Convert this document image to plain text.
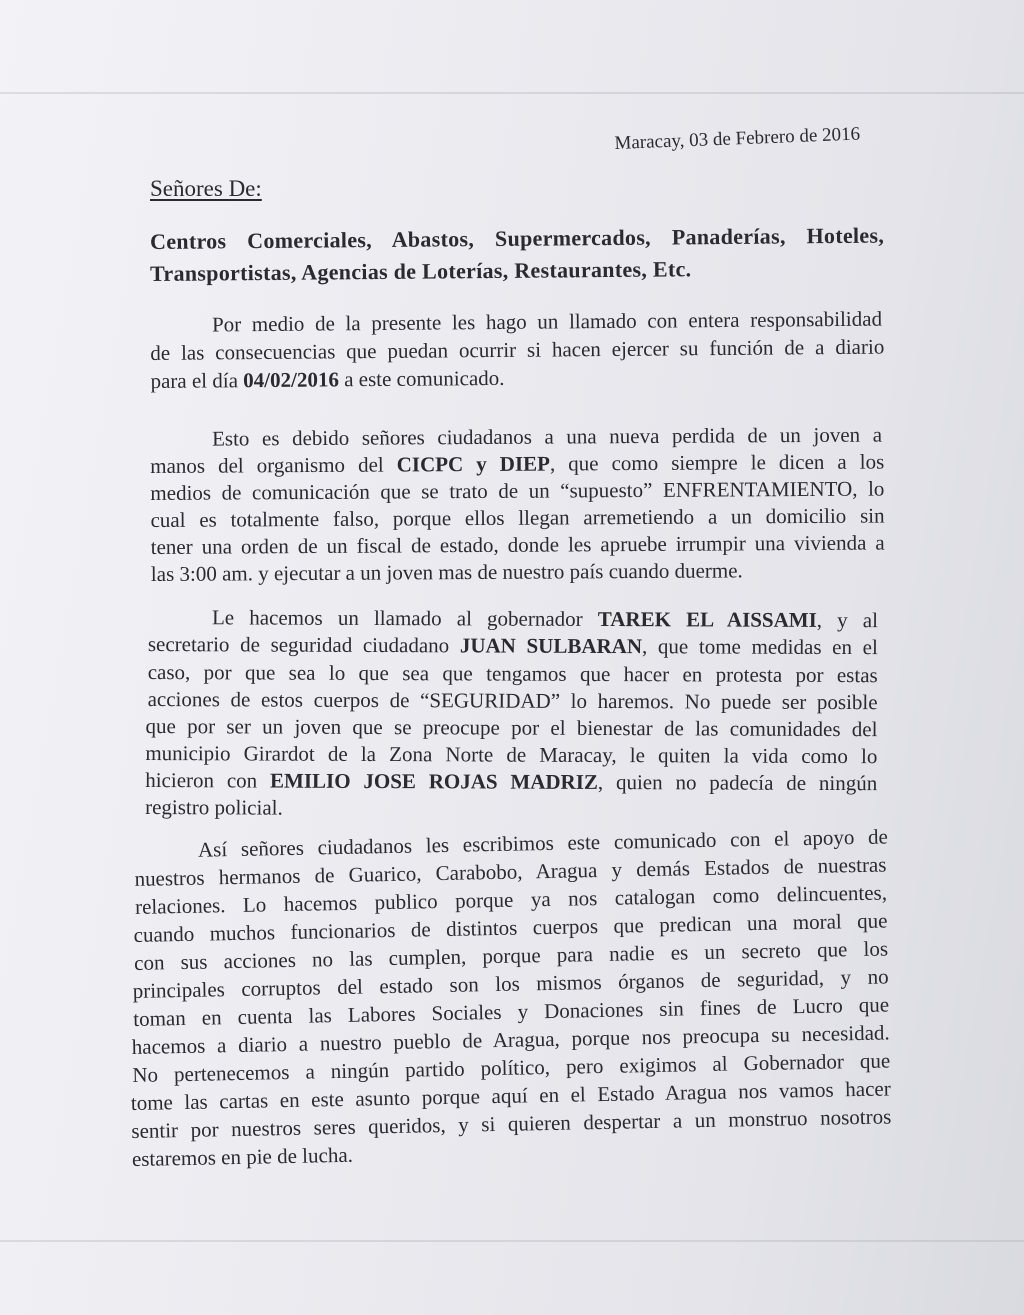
Maracay, 03 de Febrero de 2016
Señores De:
Centros Comerciales, Abastos, Supermercados, Panaderías, Hoteles,
Transportistas, Agencias de Loterías, Restaurantes, Etc.
Por medio de la presente les hago un llamado con entera responsabilidad
de las consecuencias que puedan ocurrir si hacen ejercer su función de a diario
para el día 04/02/2016 a este comunicado.
Esto es debido señores ciudadanos a una nueva perdida de un joven a
manos del organismo del CICPC y DIEP, que como siempre le dicen a los
medios de comunicación que se trato de un “supuesto” ENFRENTAMIENTO, lo
cual es totalmente falso, porque ellos llegan arremetiendo a un domicilio sin
tener una orden de un fiscal de estado, donde les apruebe irrumpir una vivienda a
las 3:00 am. y ejecutar a un joven mas de nuestro país cuando duerme.
Le hacemos un llamado al gobernador TAREK EL AISSAMI, y al
secretario de seguridad ciudadano JUAN SULBARAN, que tome medidas en el
caso, por que sea lo que sea que tengamos que hacer en protesta por estas
acciones de estos cuerpos de “SEGURIDAD” lo haremos. No puede ser posible
que por ser un joven que se preocupe por el bienestar de las comunidades del
municipio Girardot de la Zona Norte de Maracay, le quiten la vida como lo
hicieron con EMILIO JOSE ROJAS MADRIZ, quien no padecía de ningún
registro policial.
Así señores ciudadanos les escribimos este comunicado con el apoyo de
nuestros hermanos de Guarico, Carabobo, Aragua y demás Estados de nuestras
relaciones. Lo hacemos publico porque ya nos catalogan como delincuentes,
cuando muchos funcionarios de distintos cuerpos que predican una moral que
con sus acciones no las cumplen, porque para nadie es un secreto que los
principales corruptos del estado son los mismos órganos de seguridad, y no
toman en cuenta las Labores Sociales y Donaciones sin fines de Lucro que
hacemos a diario a nuestro pueblo de Aragua, porque nos preocupa su necesidad.
No pertenecemos a ningún partido político, pero exigimos al Gobernador que
tome las cartas en este asunto porque aquí en el Estado Aragua nos vamos hacer
sentir por nuestros seres queridos, y si quieren despertar a un monstruo nosotros
estaremos en pie de lucha.
